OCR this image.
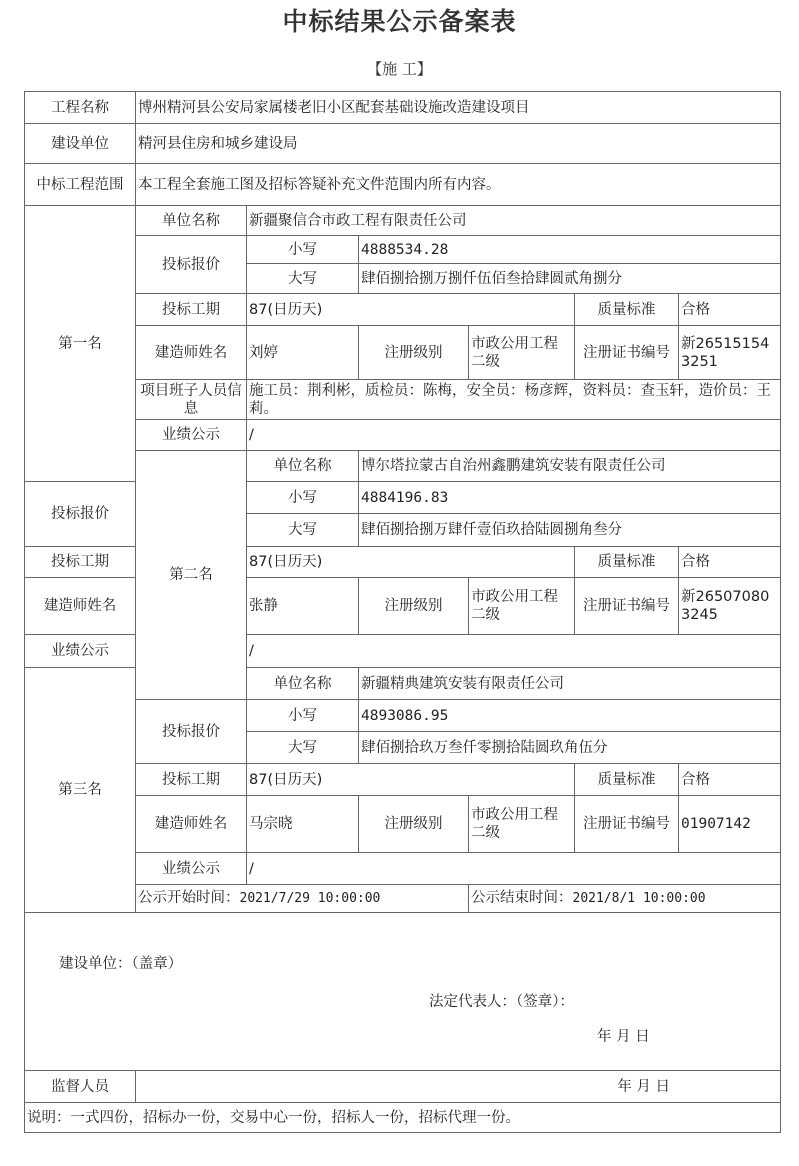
中标结果公示备案表
【施 工】
工程名称	博州精河县公安局家属楼老旧小区配套基础设施改造建设项目					
建设单位	精河县住房和城乡建设局					
中标工程范围	本工程全套施工图及招标答疑补充文件范围内所有内容。					
第一名	单位名称	新疆聚信合市政工程有限责任公司				
	投标报价	小写	4888534.28			
		大写	肆佰捌拾捌万捌仟伍佰叁拾肆圆贰角捌分			
	投标工期	87(日历天)			质量标准	合格
	建造师姓名	刘婷	注册级别	市政公用工程二级	注册证书编号	新265151543251
	项目班子人员信息	施工员：荆利彬，质检员：陈梅，安全员：杨彦辉，资料员：查玉轩，造价员：王莉。				
	业绩公示	/				
	第二名	单位名称	博尔塔拉蒙古自治州鑫鹏建筑安装有限责任公司			
投标报价		小写	4884196.83			
		大写	肆佰捌拾捌万肆仟壹佰玖拾陆圆捌角叁分			
投标工期		87(日历天)			质量标准	合格
建造师姓名		张静	注册级别	市政公用工程二级	注册证书编号	新265070803245
业绩公示		/				
第三名		单位名称	新疆精典建筑安装有限责任公司			
	投标报价	小写	4893086.95			
		大写	肆佰捌拾玖万叁仟零捌拾陆圆玖角伍分			
	投标工期	87(日历天)			质量标准	合格
	建造师姓名	马宗晓	注册级别	市政公用工程二级	注册证书编号	01907142
	业绩公示	/				
	公示开始时间：2021/7/29 10:00:00			公示结束时间：2021/8/1 10:00:00		

建设单位：（盖章）
法定代表人：（签章）：
年 月 日						

监督人员	年 月 日					
说明：一式四份，招标办一份，交易中心一份，招标人一份，招标代理一份。						
